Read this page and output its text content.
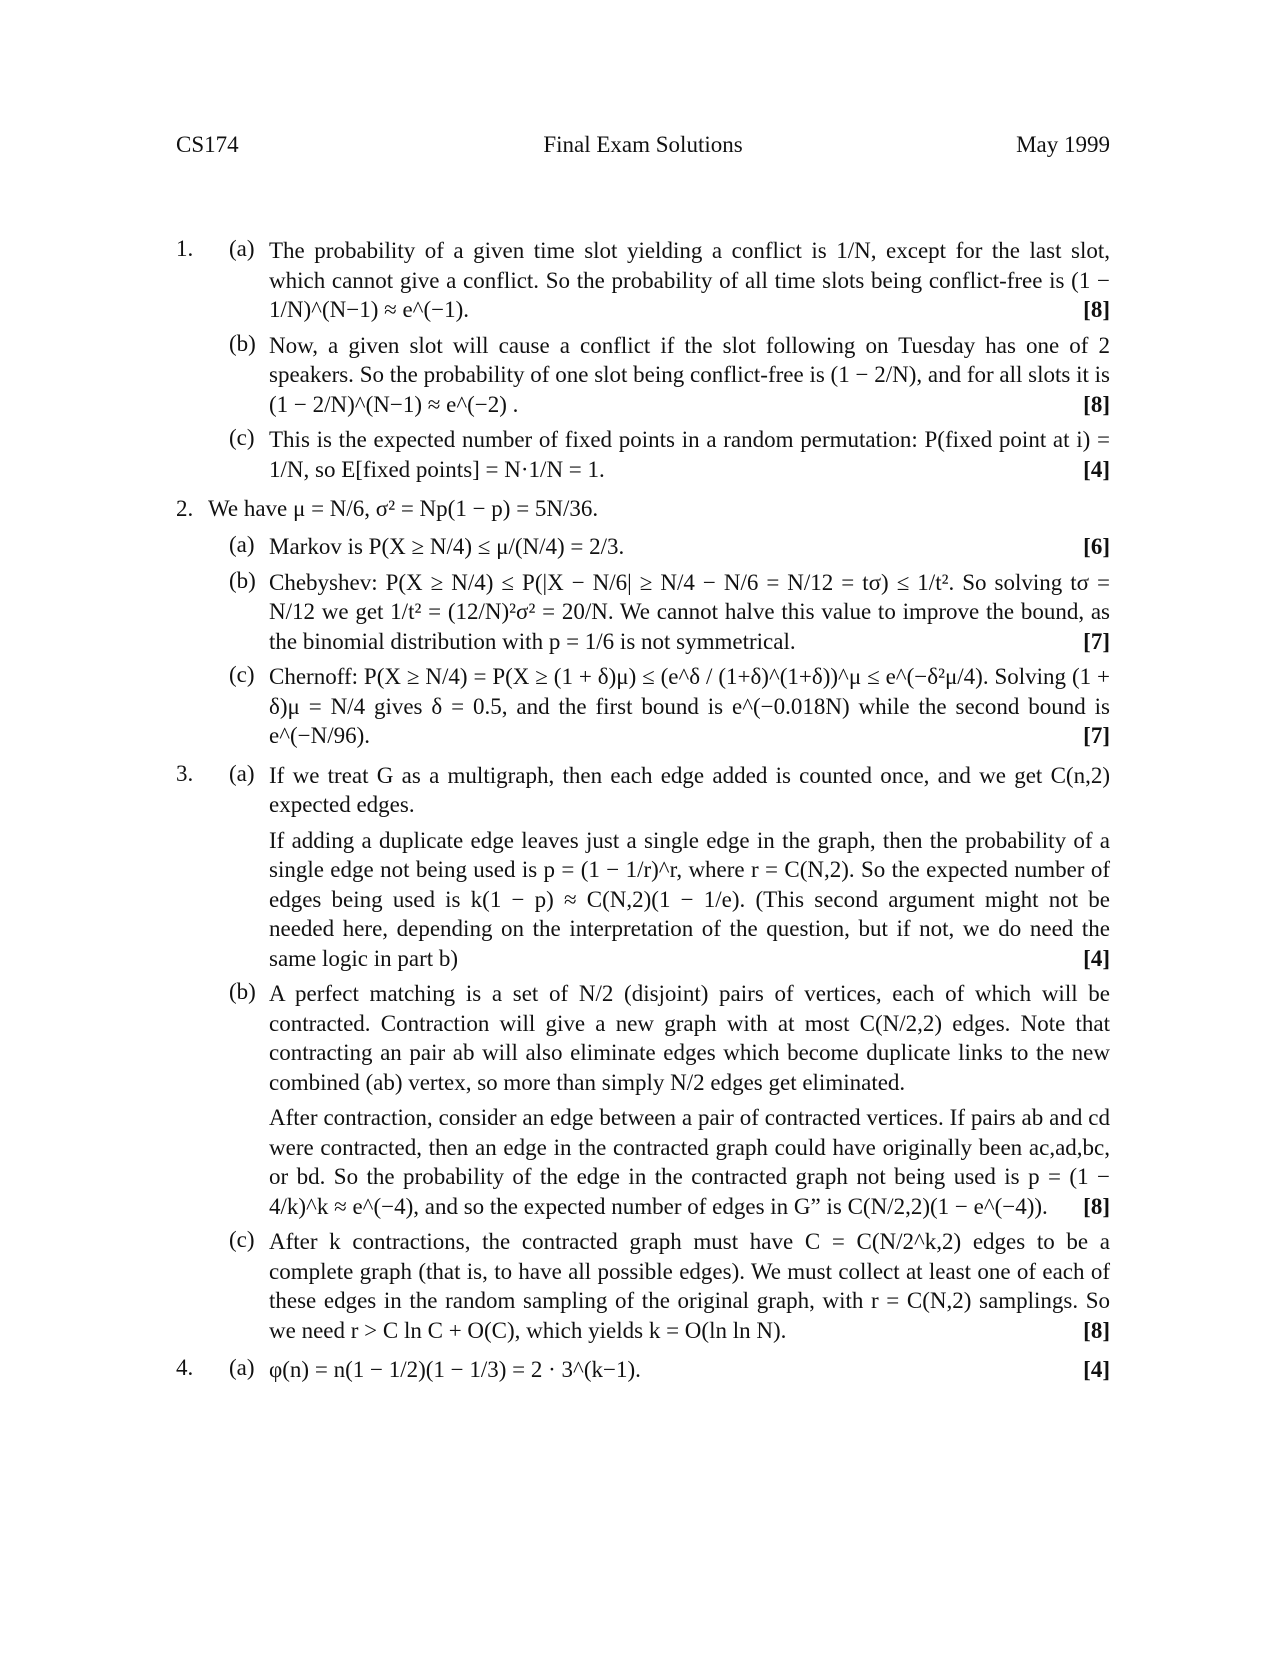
CS174	Final Exam Solutions	May 1999
1. (a) The probability of a given time slot yielding a conflict is 1/N, except for the last slot, which cannot give a conflict. So the probability of all time slots being conflict-free is (1 − 1/N)^(N−1) ≈ e^(−1).	[8]
(b) Now, a given slot will cause a conflict if the slot following on Tuesday has one of 2 speakers. So the probability of one slot being conflict-free is (1 − 2/N), and for all slots it is (1 − 2/N)^(N−1) ≈ e^(−2) .	[8]
(c) This is the expected number of fixed points in a random permutation: P(fixed point at i) = 1/N, so E[fixed points] = N·1/N = 1.	[4]
2. We have μ = N/6, σ² = Np(1 − p) = 5N/36.
(a) Markov is P(X ≥ N/4) ≤ μ/(N/4) = 2/3.	[6]
(b) Chebyshev: P(X ≥ N/4) ≤ P(|X − N/6| ≥ N/4 − N/6 = N/12 = tσ) ≤ 1/t². So solving tσ = N/12 we get 1/t² = (12/N)²σ² = 20/N. We cannot halve this value to improve the bound, as the binomial distribution with p = 1/6 is not symmetrical.	[7]
(c) Chernoff: P(X ≥ N/4) = P(X ≥ (1 + δ)μ) ≤ (e^δ / (1+δ)^(1+δ))^μ ≤ e^(−δ²μ/4). Solving (1 + δ)μ = N/4 gives δ = 0.5, and the first bound is e^(−0.018N) while the second bound is e^(−N/96).	[7]
3. (a) If we treat G as a multigraph, then each edge added is counted once, and we get C(n,2) expected edges.
If adding a duplicate edge leaves just a single edge in the graph, then the probability of a single edge not being used is p = (1 − 1/r)^r, where r = C(N,2). So the expected number of edges being used is k(1 − p) ≈ C(N,2)(1 − 1/e). (This second argument might not be needed here, depending on the interpretation of the question, but if not, we do need the same logic in part b)	[4]
(b) A perfect matching is a set of N/2 (disjoint) pairs of vertices, each of which will be contracted. Contraction will give a new graph with at most C(N/2,2) edges. Note that contracting an pair ab will also eliminate edges which become duplicate links to the new combined (ab) vertex, so more than simply N/2 edges get eliminated.
After contraction, consider an edge between a pair of contracted vertices. If pairs ab and cd were contracted, then an edge in the contracted graph could have originally been ac,ad,bc, or bd. So the probability of the edge in the contracted graph not being used is p = (1 − 4/k)^k ≈ e^(−4), and so the expected number of edges in G” is C(N/2,2)(1 − e^(−4)). [8]
(c) After k contractions, the contracted graph must have C = C(N/2^k,2) edges to be a complete graph (that is, to have all possible edges). We must collect at least one of each of these edges in the random sampling of the original graph, with r = C(N,2) samplings. So we need r > C ln C + O(C), which yields k = O(ln ln N).	[8]
4. (a) φ(n) = n(1 − 1/2)(1 − 1/3) = 2 · 3^(k−1).	[4]
